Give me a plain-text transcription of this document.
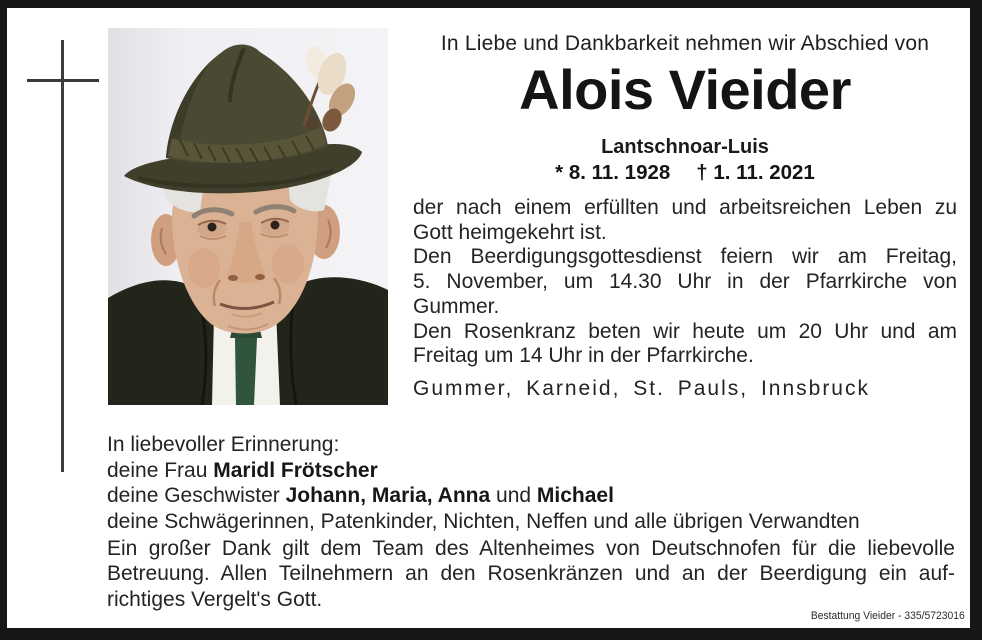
In Liebe und Dankbarkeit nehmen wir Abschied von
Alois Vieider
Lantschnoar-Luis
* 8. 11. 1928 † 1. 11. 2021
der nach einem erfüllten und arbeitsreichen Leben zu
Gott heimgekehrt ist.
Den Beerdigungsgottesdienst feiern wir am Freitag,
5. November, um 14.30 Uhr in der Pfarrkirche von
Gummer.
Den Rosenkranz beten wir heute um 20 Uhr und am
Freitag um 14 Uhr in der Pfarrkirche.
Gummer, Karneid, St. Pauls, Innsbruck
In liebevoller Erinnerung:
deine Frau Maridl Frötscher
deine Geschwister Johann, Maria, Anna und Michael
deine Schwägerinnen, Patenkinder, Nichten, Neffen und alle übrigen Verwandten
Ein großer Dank gilt dem Team des Altenheimes von Deutschnofen für die liebevolle
Betreuung. Allen Teilnehmern an den Rosenkränzen und an der Beerdigung ein auf-
richtiges Vergelt's Gott.
Bestattung Vieider - 335/5723016
